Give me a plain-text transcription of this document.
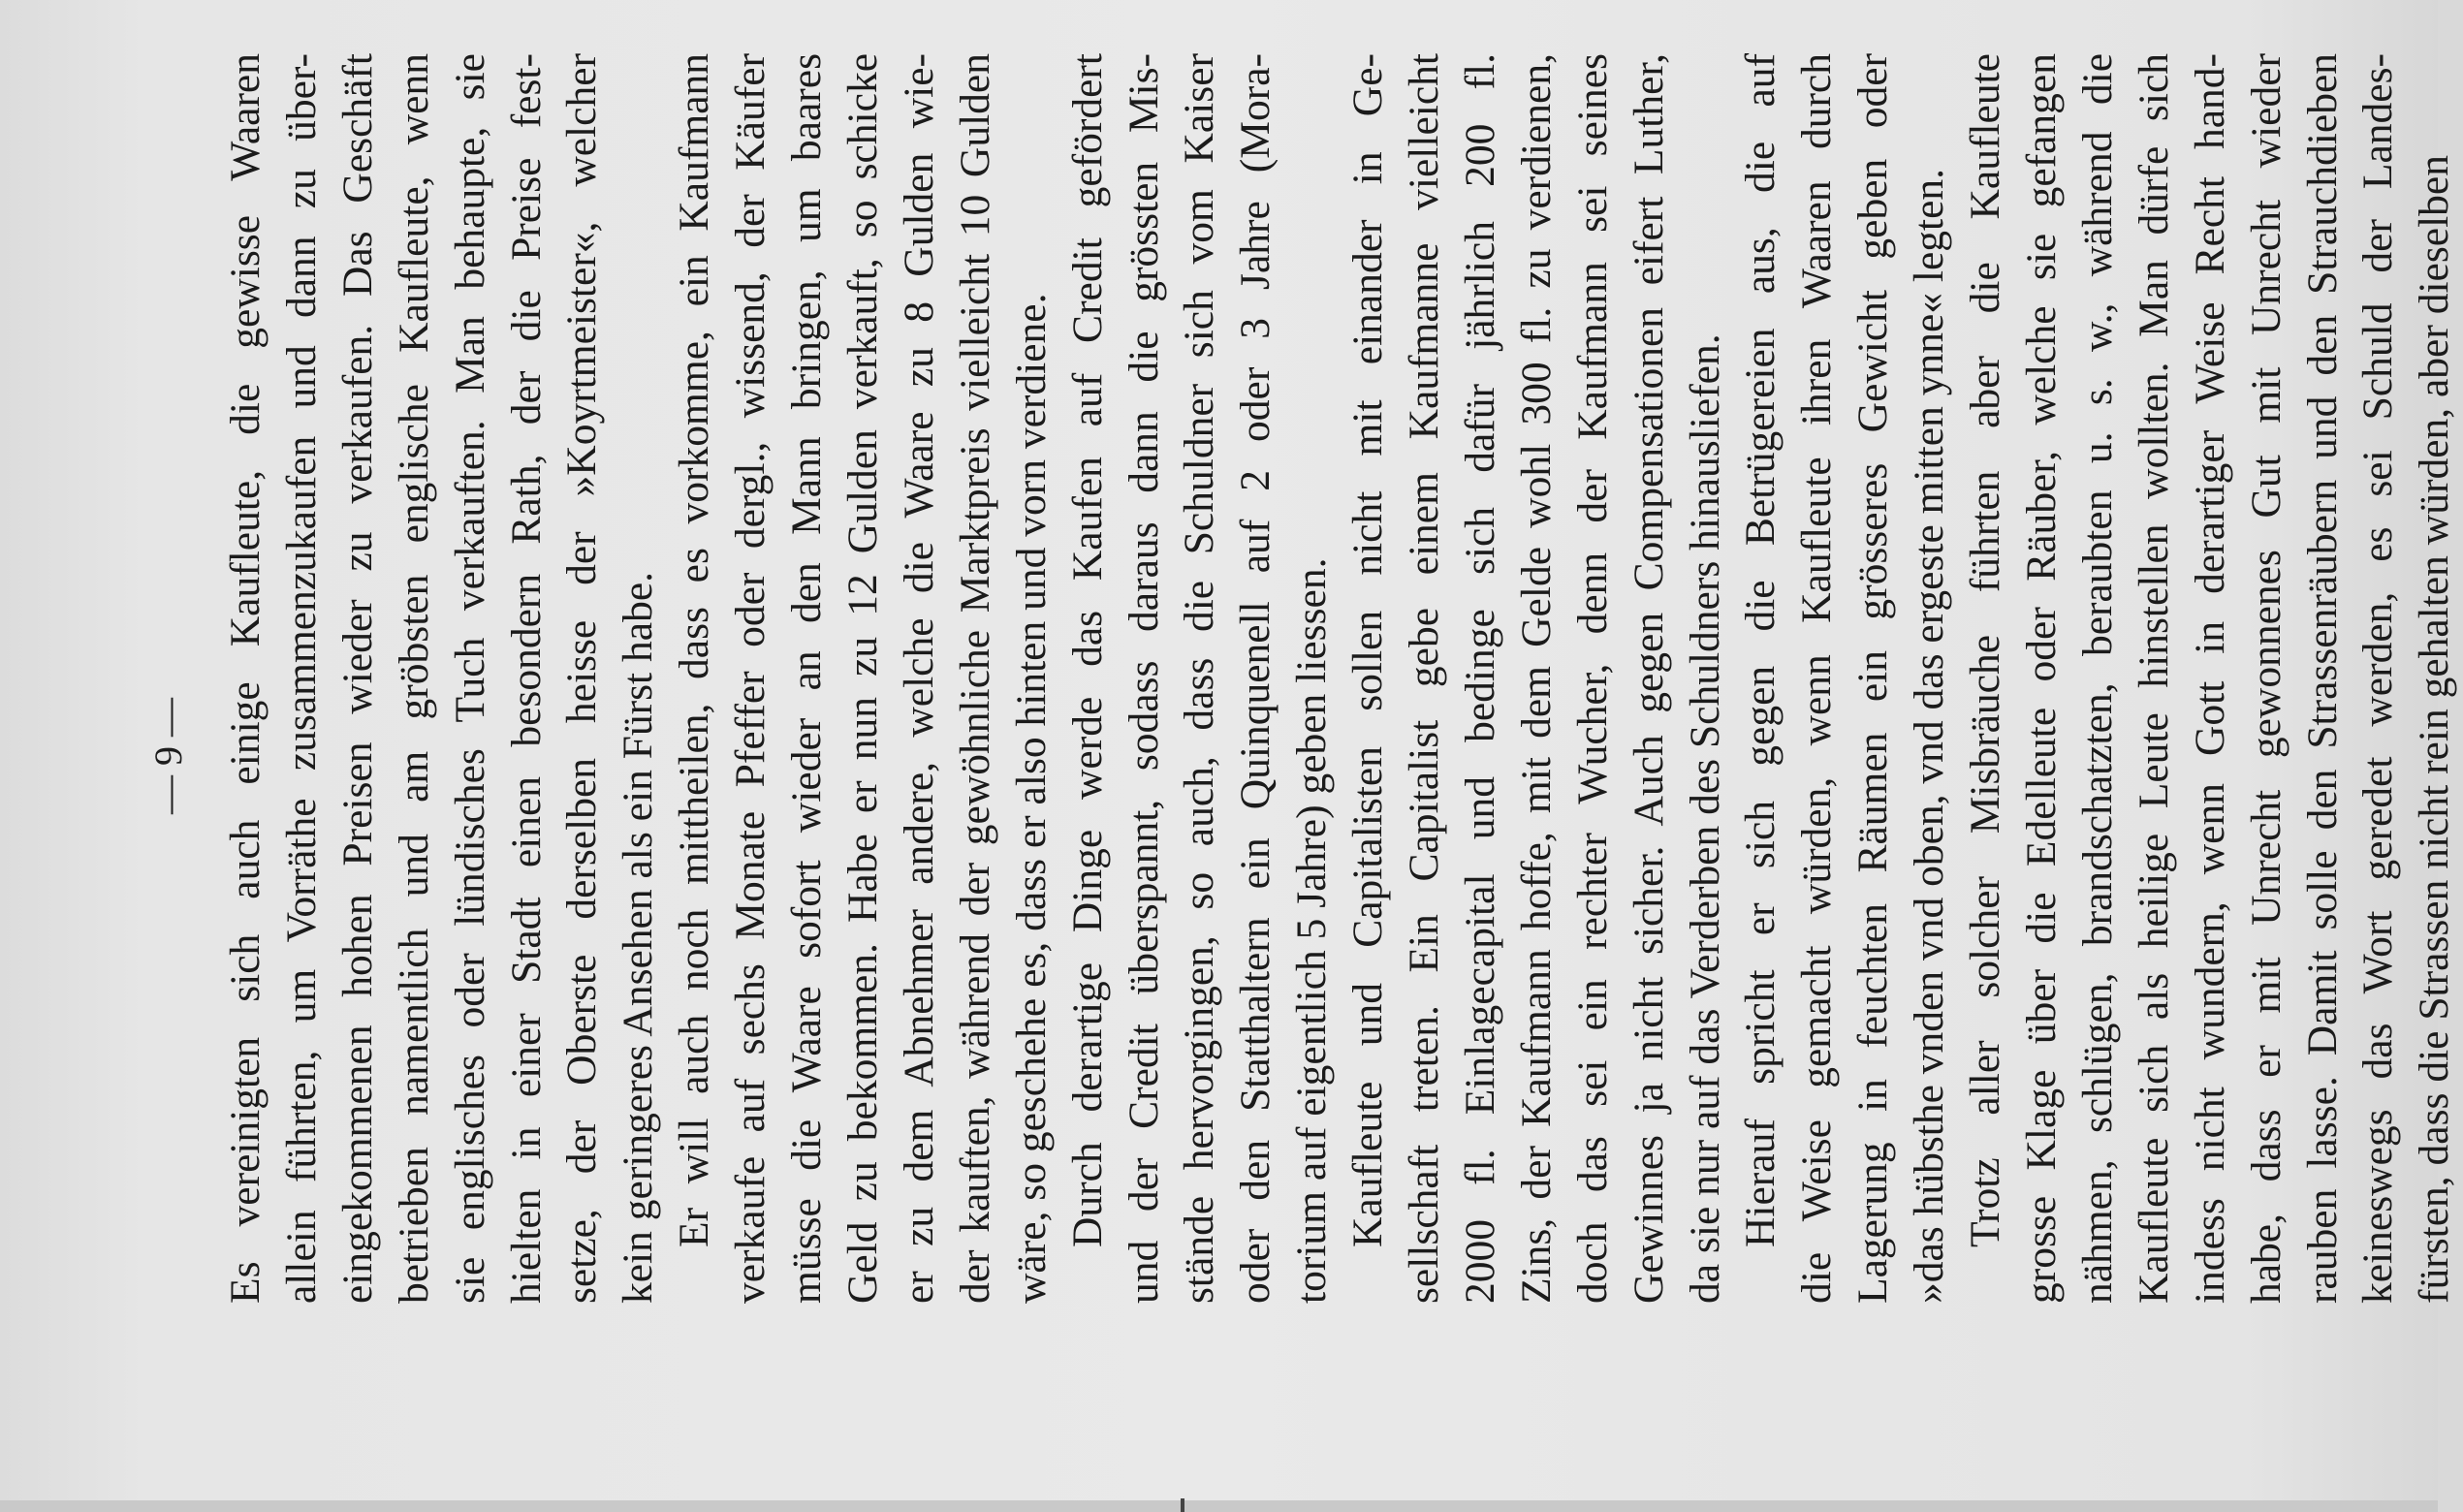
— 9 — Es vereinigten sich auch einige Kaufleute, die gewisse Waaren allein führten, um Vorräthe zusammenzukaufen und dann zu über- eingekommenen hohen Preisen wieder zu verkaufen. Das Geschäft betrieben namentlich und am gröbsten englische Kaufleute, wenn sie englisches oder lündisches Tuch verkauften. Man behaupte, sie hielten in einer Stadt einen besondern Rath, der die Preise fest- setze, der Oberste derselben heisse der »Koyrtmeister«, welcher kein geringeres Ansehen als ein Fürst habe. Er will auch noch mittheilen, dass es vorkomme, ein Kaufmann verkaufe auf sechs Monate Pfeffer oder dergl., wissend, der Käufer müsse die Waare sofort wieder an den Mann bringen, um baares Geld zu bekommen. Habe er nun zu 12 Gulden verkauft, so schicke er zu dem Abnehmer andere, welche die Waare zu 8 Gulden wie- der kauften, während der gewöhnliche Marktpreis vielleicht 10 Gulden wäre, so geschehe es, dass er also hinten und vorn verdiene. Durch derartige Dinge werde das Kaufen auf Credit gefördert und der Credit überspannt, sodass daraus dann die grössten Mis- stände hervorgingen, so auch, dass die Schuldner sich vom Kaiser oder den Statthaltern ein Quinquenell auf 2 oder 3 Jahre (Mora- torium auf eigentlich 5 Jahre) geben liessen. Kaufleute und Capitalisten sollen nicht mit einander in Ge- sellschaft treten. Ein Capitalist gebe einem Kaufmanne vielleicht 2000 fl. Einlagecapital und bedinge sich dafür jährlich 200 fl. Zins, der Kaufmann hoffe, mit dem Gelde wohl 300 fl. zu verdienen, doch das sei ein rechter Wucher, denn der Kaufmann sei seines Gewinnes ja nicht sicher. Auch gegen Compensationen eifert Luther, da sie nur auf das Verderben des Schuldners hinausliefen. Hierauf spricht er sich gegen die Betrügereien aus, die auf die Weise gemacht würden, wenn Kaufleute ihren Waaren durch Lagerung in feuchten Räumen ein grösseres Gewicht geben oder »das hübsthe vnden vnd oben, vnd das ergeste mitten ynne« legten. Trotz aller solcher Misbräuche führten aber die Kaufleute grosse Klage über die Edelleute oder Räuber, welche sie gefangen nähmen, schlügen, brandschatzten, beraubten u. s. w., während die Kaufleute sich als heilige Leute hinstellen wollten. Man dürfe sich indess nicht wundern, wenn Gott in derartiger Weise Recht hand- habe, dass er mit Unrecht gewonnenes Gut mit Unrecht wieder rauben lasse. Damit solle den Strassenräubern und den Strauchdieben keineswegs das Wort geredet werden, es sei Schuld der Landes- fürsten, dass die Strassen nicht rein gehalten würden, aber dieselben
